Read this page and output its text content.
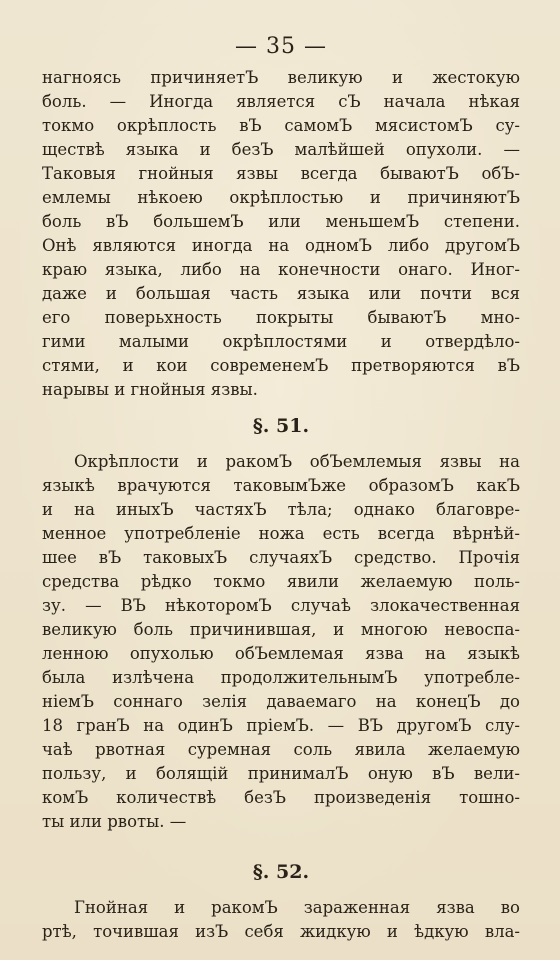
— 35 —
нагноясь причиняетЪ великую и жестокую
боль. — Иногда является сЪ начала нѣкая
токмо окрѣплость вЪ самомЪ мясистомЪ су-
ществѣ языка и безЪ малѣйшей опухоли. —
Таковыя гнойныя язвы всегда бываютЪ обЪ-
емлемы нѣкоею окрѣплостью и причиняютЪ
боль вЪ большемЪ или меньшемЪ степени.
Онѣ являются иногда на одномЪ либо другомЪ
краю языка, либо на конечности онаго. Иног-
даже и большая часть языка или почти вся
его поверьхность покрыты бываютЪ мно-
гими малыми окрѣплостями и отвердѣло-
стями, и кои современемЪ претворяются вЪ
нарывы и гнойныя язвы.
§. 51.
Окрѣплости и ракомЪ обЪемлемыя язвы на
языкѣ врачуются таковымЪже образомЪ какЪ
и на иныхЪ частяхЪ тѣла; однако благовре-
менное употребленіе ножа есть всегда вѣрнѣй-
шее вЪ таковыхЪ случаяхЪ средство. Прочія
средства рѣдко токмо явили желаемую поль-
зу. — ВЪ нѣкоторомЪ случаѣ злокачественная
великую боль причинившая, и многою невоспа-
ленною опухолью обЪемлемая язва на языкѣ
была излѣчена продолжительнымЪ употребле-
ніемЪ соннаго зелія даваемаго на конецЪ до
18 гранЪ на одинЪ пріемЪ. — ВЪ другомЪ слу-
чаѣ рвотная суремная соль явила желаемую
пользу, и болящій принималЪ оную вЪ вели-
комЪ количествѣ безЪ произведенія тошно-
ты или рвоты. —
§. 52.
Гнойная и ракомЪ зараженная язва во
ртѣ, точившая изЪ себя жидкую и ѣдкую вла-
